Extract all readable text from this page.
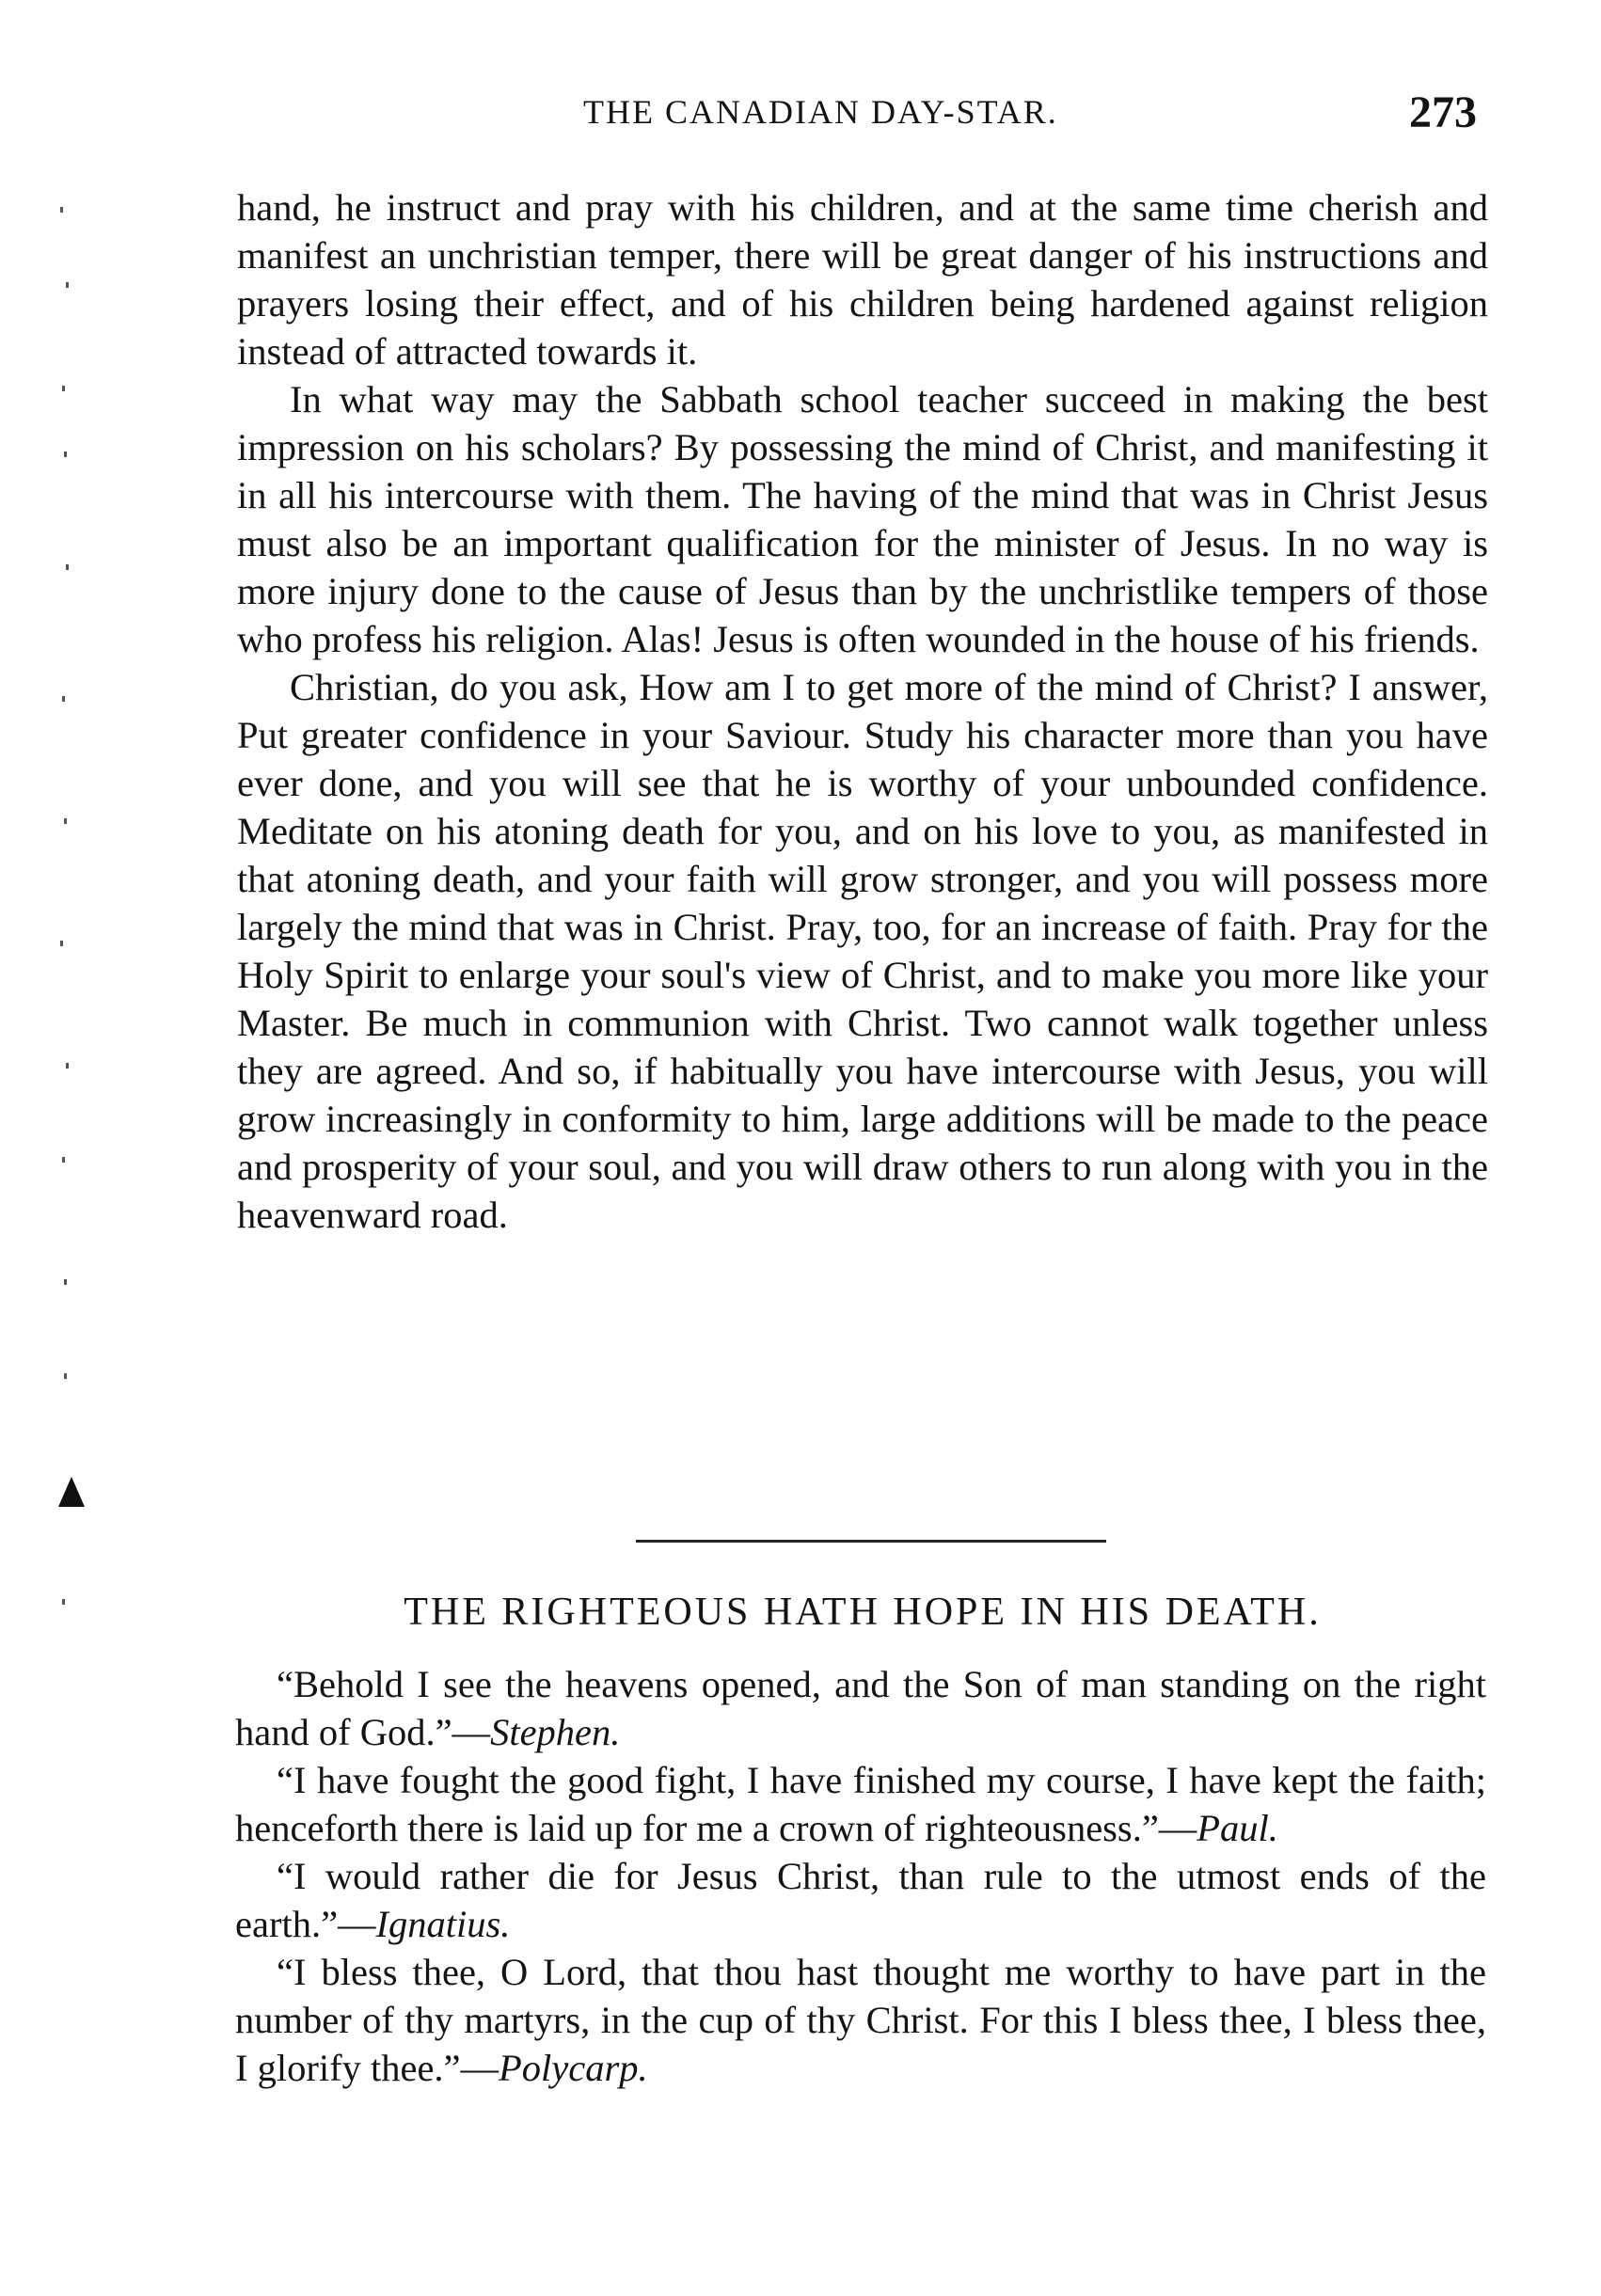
THE CANADIAN DAY-STAR.	273

hand, he instruct and pray with his children, and at the same time cherish and manifest an unchristian temper, there will be great danger of his instructions and prayers losing their effect, and of his children being hardened against religion instead of attracted towards it.

In what way may the Sabbath school teacher succeed in making the best impression on his scholars? By possessing the mind of Christ, and manifesting it in all his intercourse with them. The having of the mind that was in Christ Jesus must also be an important qualification for the minister of Jesus. In no way is more injury done to the cause of Jesus than by the unchristlike tempers of those who profess his religion. Alas! Jesus is often wounded in the house of his friends.

Christian, do you ask, How am I to get more of the mind of Christ? I answer, Put greater confidence in your Saviour. Study his character more than you have ever done, and you will see that he is worthy of your unbounded confidence. Meditate on his atoning death for you, and on his love to you, as manifested in that atoning death, and your faith will grow stronger, and you will possess more largely the mind that was in Christ. Pray, too, for an increase of faith. Pray for the Holy Spirit to enlarge your soul's view of Christ, and to make you more like your Master. Be much in communion with Christ. Two cannot walk together unless they are agreed. And so, if habitually you have intercourse with Jesus, you will grow increasingly in conformity to him, large additions will be made to the peace and prosperity of your soul, and you will draw others to run along with you in the heavenward road.

THE RIGHTEOUS HATH HOPE IN HIS DEATH.

“Behold I see the heavens opened, and the Son of man standing on the right hand of God.”—Stephen.

“I have fought the good fight, I have finished my course, I have kept the faith; henceforth there is laid up for me a crown of righteousness.”—Paul.

“I would rather die for Jesus Christ, than rule to the utmost ends of the earth.”—Ignatius.

“I bless thee, O Lord, that thou hast thought me worthy to have part in the number of thy martyrs, in the cup of thy Christ. For this I bless thee, I bless thee, I glorify thee.”—Polycarp.
